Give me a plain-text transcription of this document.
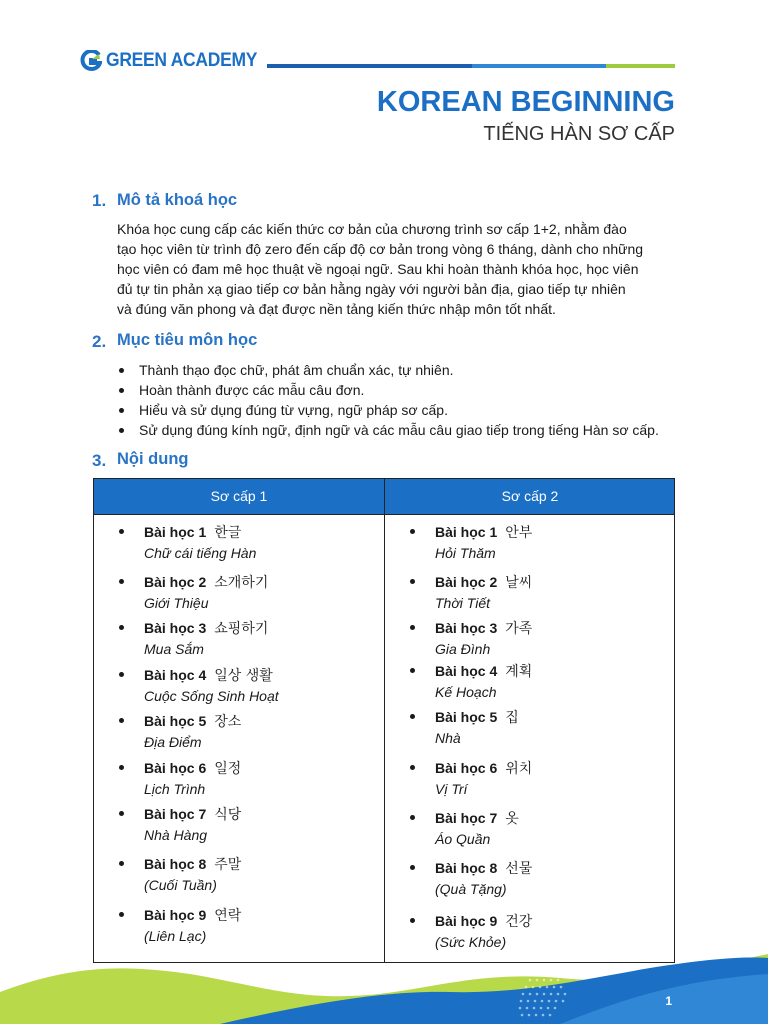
GREEN ACADEMY
KOREAN BEGINNING
TIẾNG HÀN SƠ CẤP
1. Mô tả khoá học
Khóa học cung cấp các kiến thức cơ bản của chương trình sơ cấp 1+2, nhằm đào
tạo học viên từ trình độ zero đến cấp độ cơ bản trong vòng 6 tháng, dành cho những
học viên có đam mê học thuật về ngoại ngữ. Sau khi hoàn thành khóa học, học viên
đủ tự tin phản xạ giao tiếp cơ bản hằng ngày với người bản địa, giao tiếp tự nhiên
và đúng văn phong và đạt được nền tảng kiến thức nhập môn tốt nhất.
2. Mục tiêu môn học
Thành thạo đọc chữ, phát âm chuẩn xác, tự nhiên.
Hoàn thành được các mẫu câu đơn.
Hiểu và sử dụng đúng từ vựng, ngữ pháp sơ cấp.
Sử dụng đúng kính ngữ, định ngữ và các mẫu câu giao tiếp trong tiếng Hàn sơ cấp.
3. Nội dung
Sơ cấp 1	Sơ cấp 2
Bài học 1 한글
Chữ cái tiếng Hàn
Bài học 2 소개하기
Giới Thiệu
Bài học 3 쇼핑하기
Mua Sắm
Bài học 4 일상 생활
Cuộc Sống Sinh Hoạt
Bài học 5 장소
Địa Điểm
Bài học 6 일정
Lịch Trình
Bài học 7 식당
Nhà Hàng
Bài học 8 주말
(Cuối Tuần)
Bài học 9 연락
(Liên Lạc)
Bài học 1 안부
Hỏi Thăm
Bài học 2 날씨
Thời Tiết
Bài học 3 가족
Gia Đình
Bài học 4 계획
Kế Hoạch
Bài học 5 집
Nhà
Bài học 6 위치
Vị Trí
Bài học 7 옷
Áo Quần
Bài học 8 선물
(Quà Tặng)
Bài học 9 건강
(Sức Khỏe)
1
